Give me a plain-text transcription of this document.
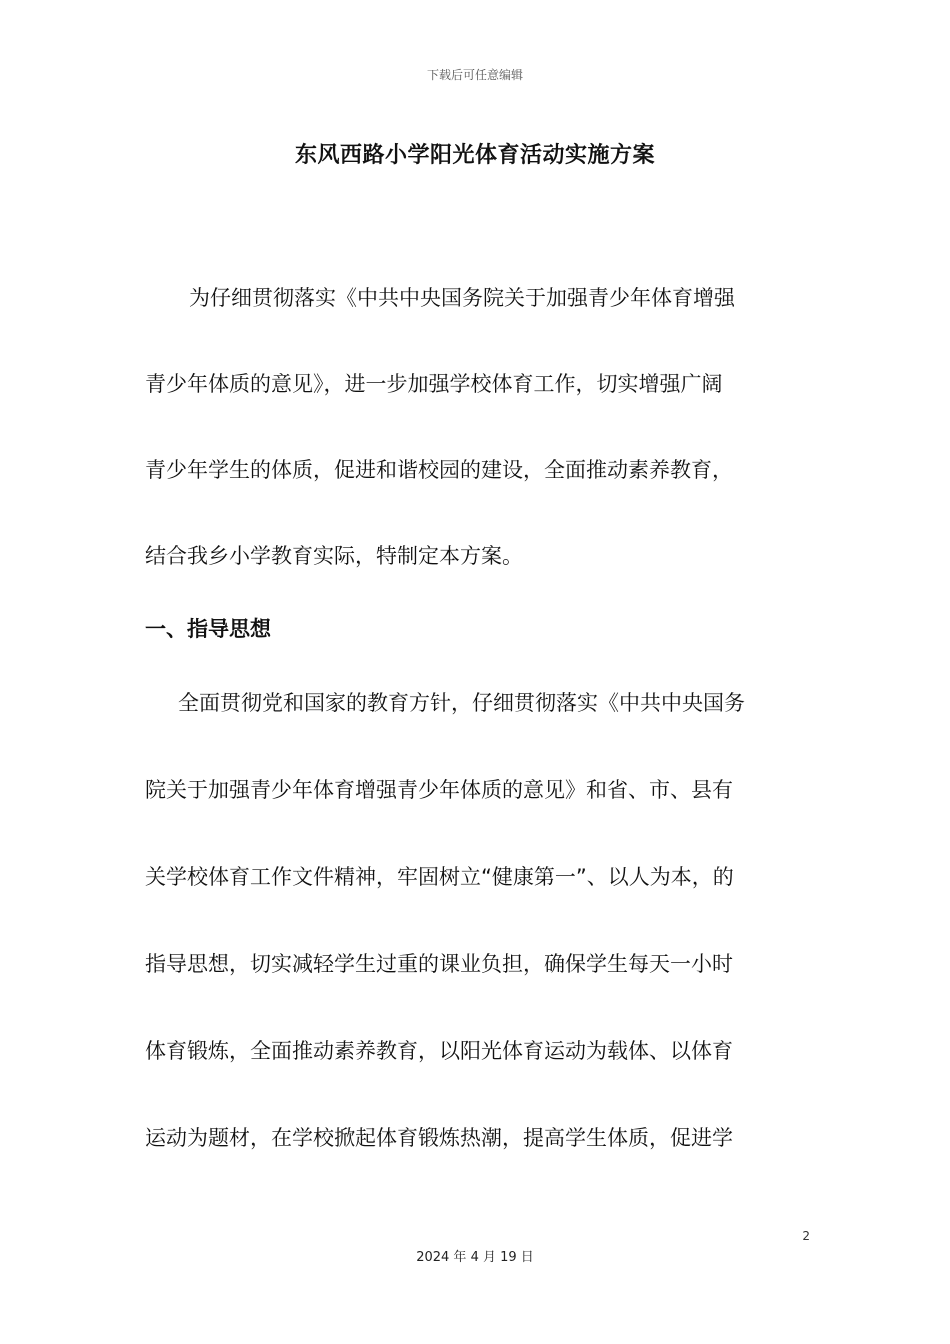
下载后可任意编辑
东风西路小学阳光体育活动实施方案
为仔细贯彻落实《中共中央国务院关于加强青少年体育增强
青少年体质的意见》，进一步加强学校体育工作，切实增强广阔
青少年学生的体质，促进和谐校园的建设，全面推动素养教育，
结合我乡小学教育实际，特制定本方案。
一、指导思想
全面贯彻党和国家的教育方针，仔细贯彻落实《中共中央国务
院关于加强青少年体育增强青少年体质的意见》和省、市、县有
关学校体育工作文件精神，牢固树立“健康第一”、以人为本，的
指导思想，切实减轻学生过重的课业负担，确保学生每天一小时
体育锻炼，全面推动素养教育，以阳光体育运动为载体、以体育
运动为题材，在学校掀起体育锻炼热潮，提高学生体质，促进学
2
2024 年 4 月 19 日
